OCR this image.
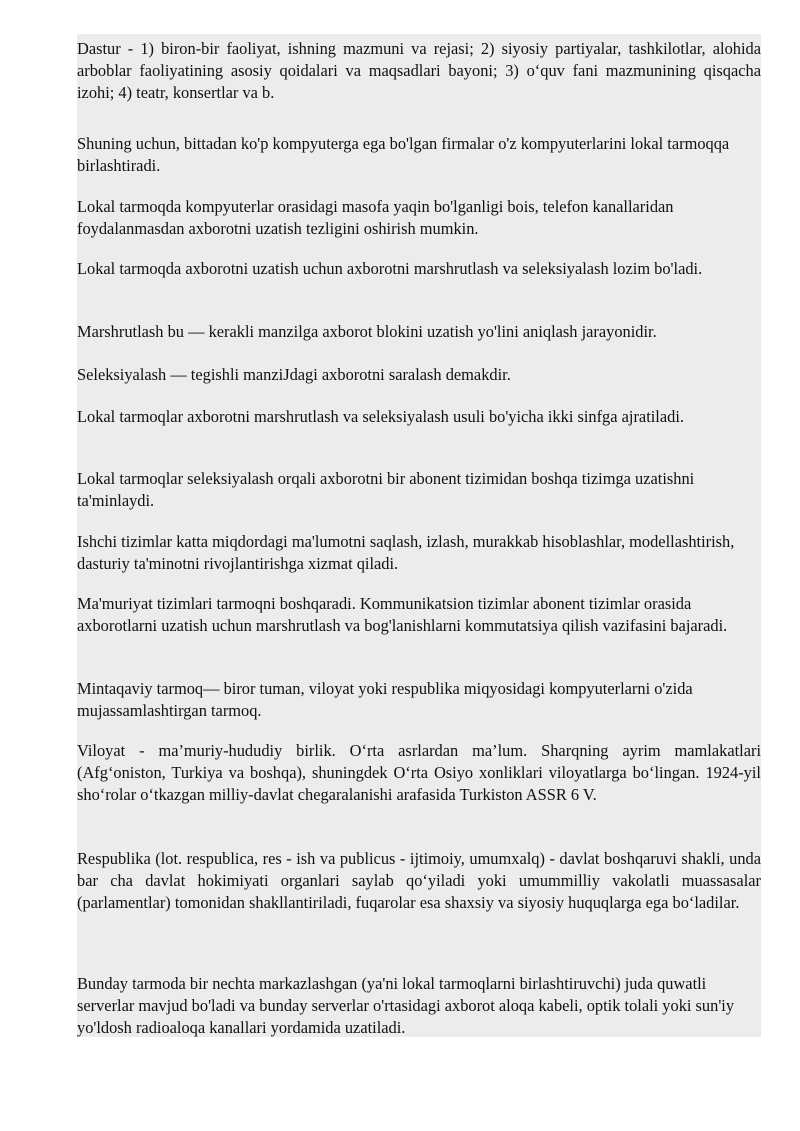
Dastur - 1) biron-bir faoliyat, ishning mazmuni va rejasi; 2) siyosiy partiyalar, tashkilotlar, alohida arboblar faoliyatining asosiy qoidalari va maqsadlari bayoni; 3) o‘quv fani mazmunining qisqacha izohi; 4) teatr, konsertlar va b.

Shuning uchun, bittadan ko'p kompyuterga ega bo'lgan firmalar o'z kompyuterlarini lokal tarmoqqa birlashtiradi.

Lokal tarmoqda kompyuterlar orasidagi masofa yaqin bo'lganligi bois, telefon kanallaridan foydalanmasdan axborotni uzatish tezligini oshirish mumkin.

Lokal tarmoqda axborotni uzatish uchun axborotni marshrutlash va seleksiyalash lozim bo'ladi.

Marshrutlash bu — kerakli manzilga axborot blokini uzatish yo'lini aniqlash jarayonidir.

Seleksiyalash — tegishli manziJdagi axborotni saralash demakdir.

Lokal tarmoqlar axborotni marshrutlash va seleksiyalash usuli bo'yicha ikki sinfga ajratiladi.

Lokal tarmoqlar seleksiyalash orqali axborotni bir abonent tizimidan boshqa tizimga uzatishni ta'minlaydi.

Ishchi tizimlar katta miqdordagi ma'lumotni saqlash, izlash, murakkab hisoblashlar, modellashtirish, dasturiy ta'minotni rivojlantirishga xizmat qiladi.

Ma'muriyat tizimlari tarmoqni boshqaradi. Kommunikatsion tizimlar abonent tizimlar orasida axborotlarni uzatish uchun marshrutlash va bog'lanishlarni kommutatsiya qilish vazifasini bajaradi.

Mintaqaviy tarmoq— biror tuman, viloyat yoki respublika miqyosidagi kompyuterlarni o'zida mujassamlashtirgan tarmoq.

Viloyat - ma’muriy-hududiy birlik. O‘rta asrlardan ma’lum. Sharqning ayrim mamlakatlari (Afg‘oniston, Turkiya va boshqa), shuningdek O‘rta Osiyo xonliklari viloyatlarga bo‘lingan. 1924-yil sho‘rolar o‘tkazgan milliy-davlat chegaralanishi arafasida Turkiston ASSR 6 V.

Respublika (lot. respublica, res - ish va publicus - ijtimoiy, umumxalq) - davlat boshqaruvi shakli, unda bar cha davlat hokimiyati organlari saylab qo‘yiladi yoki umummilliy vakolatli muassasalar (parlamentlar) tomonidan shakllantiriladi, fuqarolar esa shaxsiy va siyosiy huquqlarga ega bo‘ladilar.

Bunday tarmoda bir nechta markazlashgan (ya'ni lokal tarmoqlarni birlashtiruvchi) juda quwatli serverlar mavjud bo'ladi va bunday serverlar o'rtasidagi axborot aloqa kabeli, optik tolali yoki sun'iy yo'ldosh radioaloqa kanallari yordamida uzatiladi.
